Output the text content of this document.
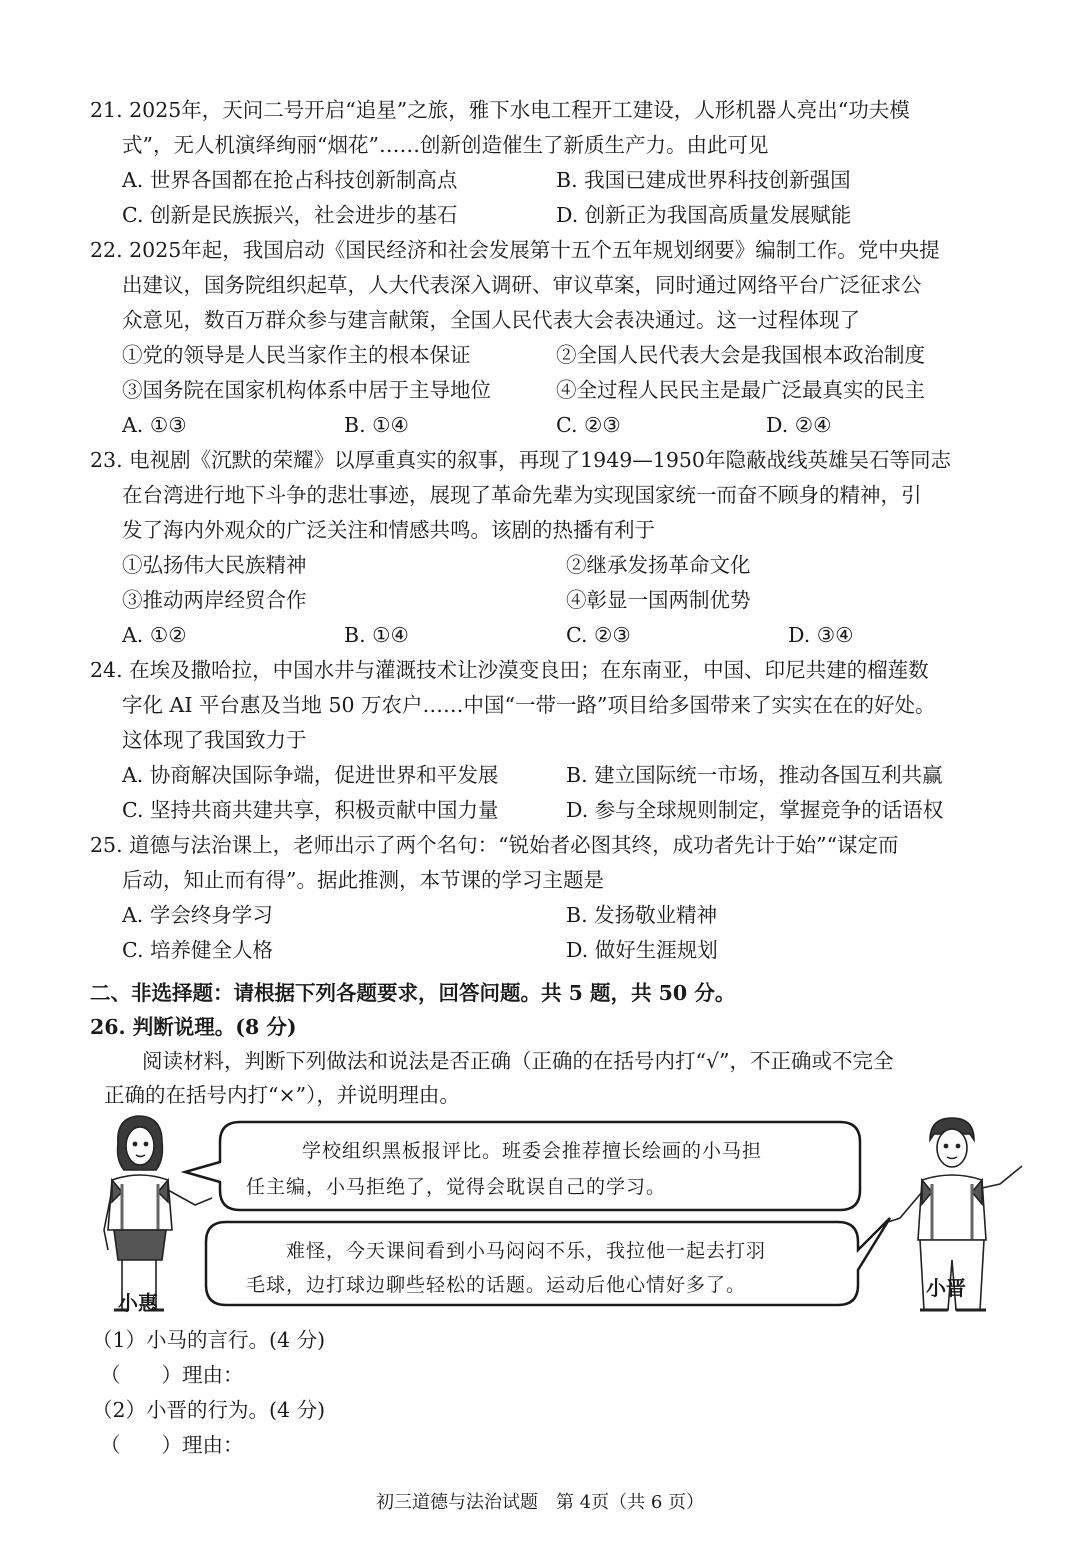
21. 2025年，天问二号开启“追星”之旅，雅下水电工程开工建设，人形机器人亮出“功夫模
式”，无人机演绎绚丽“烟花”……创新创造催生了新质生产力。由此可见
A. 世界各国都在抢占科技创新制高点	B. 我国已建成世界科技创新强国
C. 创新是民族振兴，社会进步的基石	D. 创新正为我国高质量发展赋能
22. 2025年起，我国启动《国民经济和社会发展第十五个五年规划纲要》编制工作。党中央提
出建议，国务院组织起草，人大代表深入调研、审议草案，同时通过网络平台广泛征求公
众意见，数百万群众参与建言献策，全国人民代表大会表决通过。这一过程体现了
①党的领导是人民当家作主的根本保证	②全国人民代表大会是我国根本政治制度
③国务院在国家机构体系中居于主导地位	④全过程人民民主是最广泛最真实的民主
A. ①③	B. ①④	C. ②③	D. ②④
23. 电视剧《沉默的荣耀》以厚重真实的叙事，再现了1949—1950年隐蔽战线英雄吴石等同志
在台湾进行地下斗争的悲壮事迹，展现了革命先辈为实现国家统一而奋不顾身的精神，引
发了海内外观众的广泛关注和情感共鸣。该剧的热播有利于
①弘扬伟大民族精神	②继承发扬革命文化
③推动两岸经贸合作	④彰显一国两制优势
A. ①②	B. ①④	C. ②③	D. ③④
24. 在埃及撒哈拉，中国水井与灌溉技术让沙漠变良田；在东南亚，中国、印尼共建的榴莲数
字化 AI 平台惠及当地 50 万农户……中国“一带一路”项目给多国带来了实实在在的好处。
这体现了我国致力于
A. 协商解决国际争端，促进世界和平发展	B. 建立国际统一市场，推动各国互利共赢
C. 坚持共商共建共享，积极贡献中国力量	D. 参与全球规则制定，掌握竞争的话语权
25. 道德与法治课上，老师出示了两个名句：“锐始者必图其终，成功者先计于始”“谋定而
后动，知止而有得”。据此推测，本节课的学习主题是
A. 学会终身学习	B. 发扬敬业精神
C. 培养健全人格	D. 做好生涯规划
二、非选择题：请根据下列各题要求，回答问题。共 5 题，共 50 分。
26. 判断说理。(8 分)
阅读材料，判断下列做法和说法是否正确（正确的在括号内打“√”，不正确或不完全
正确的在括号内打“×”），并说明理由。
学校组织黑板报评比。班委会推荐擅长绘画的小马担
任主编，小马拒绝了，觉得会耽误自己的学习。
难怪，今天课间看到小马闷闷不乐，我拉他一起去打羽
毛球，边打球边聊些轻松的话题。运动后他心情好多了。
小惠
小晋
（1）小马的言行。(4 分)
（　　）理由：
（2）小晋的行为。(4 分)
（　　）理由：
初三道德与法治试题　第 4页（共 6 页）
